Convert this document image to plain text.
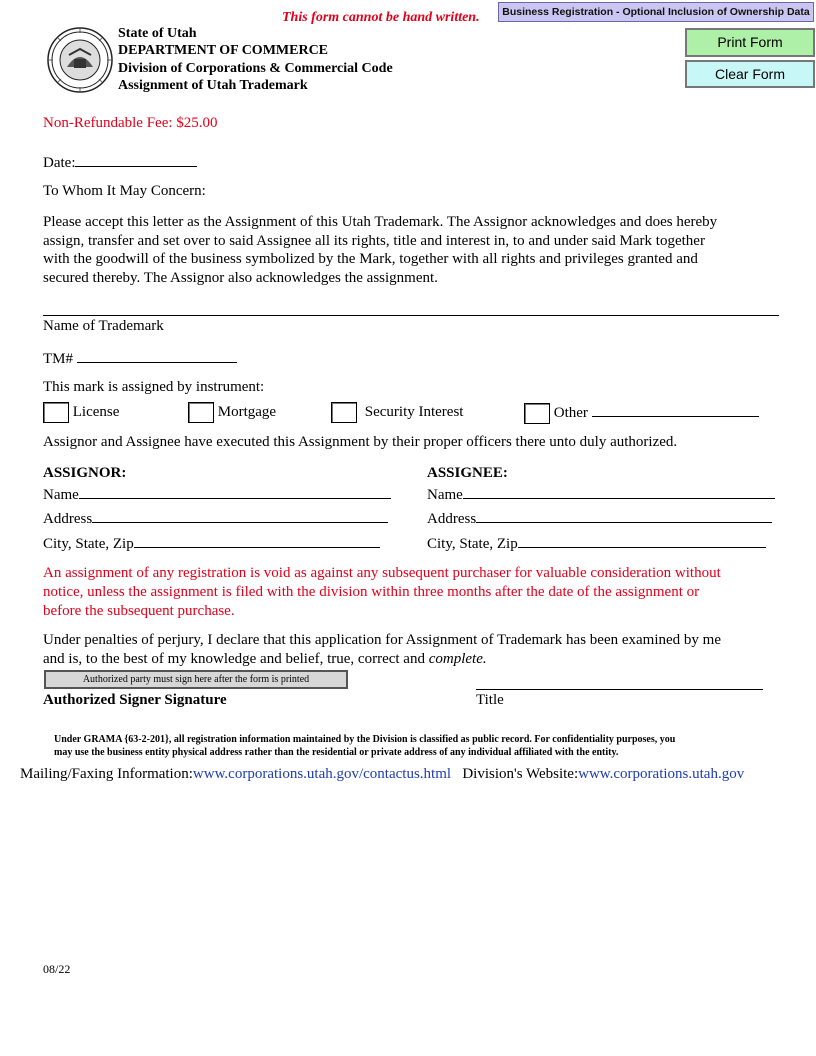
This form cannot be hand written.
State of Utah
DEPARTMENT OF COMMERCE
Division of Corporations & Commercial Code
Assignment of Utah Trademark
Business Registration - Optional Inclusion of Ownership Data
Print Form
Clear Form
Non-Refundable Fee: $25.00
Date:
To Whom It May Concern:
Please accept this letter as the Assignment of this Utah Trademark. The Assignor acknowledges and does hereby
assign, transfer and set over to said Assignee all its rights, title and interest in, to and under said Mark together
with the goodwill of the business symbolized by the Mark, together with all rights and privileges granted and
secured thereby. The Assignor also acknowledges the assignment.
Name of Trademark
TM#
This mark is assigned by instrument:
License	Mortgage	Security Interest	Other
Assignor and Assignee have executed this Assignment by their proper officers there unto duly authorized.
ASSIGNOR:
Name
Address
City, State, Zip
ASSIGNEE:
Name
Address
City, State, Zip
An assignment of any registration is void as against any subsequent purchaser for valuable consideration without
notice, unless the assignment is filed with the division within three months after the date of the assignment or
before the subsequent purchase.
Under penalties of perjury, I declare that this application for Assignment of Trademark has been examined by me
and is, to the best of my knowledge and belief, true, correct and complete.
Authorized party must sign here after the form is printed
Authorized Signer Signature	Title
Under GRAMA {63-2-201}, all registration information maintained by the Division is classified as public record. For confidentiality purposes, you
may use the business entity physical address rather than the residential or private address of any individual affiliated with the entity.
Mailing/Faxing Information:www.corporations.utah.gov/contactus.html Division's Website:www.corporations.utah.gov
08/22
